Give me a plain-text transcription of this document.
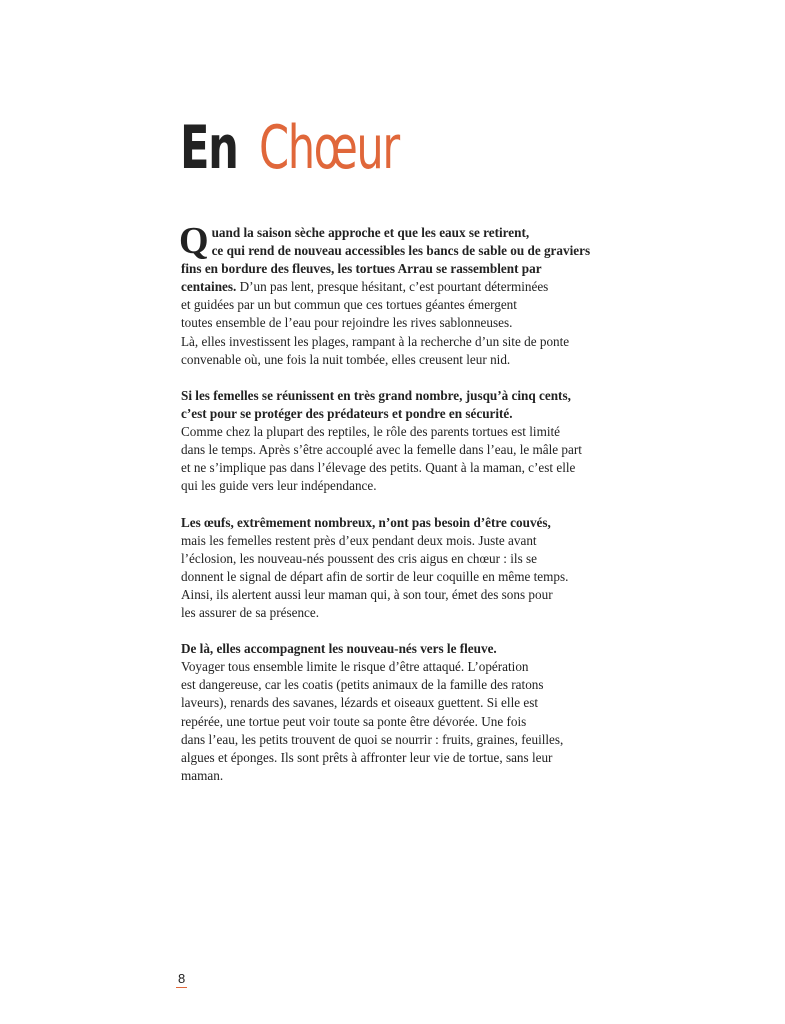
En Chœur
Q uand la saison sèche approche et que les eaux se retirent,
ce qui rend de nouveau accessibles les bancs de sable ou de graviers
fins en bordure des fleuves, les tortues Arrau se rassemblent par
centaines. D’un pas lent, presque hésitant, c’est pourtant déterminées
et guidées par un but commun que ces tortues géantes émergent
toutes ensemble de l’eau pour rejoindre les rives sablonneuses.
Là, elles investissent les plages, rampant à la recherche d’un site de ponte
convenable où, une fois la nuit tombée, elles creusent leur nid.
Si les femelles se réunissent en très grand nombre, jusqu’à cinq cents,
c’est pour se protéger des prédateurs et pondre en sécurité.
Comme chez la plupart des reptiles, le rôle des parents tortues est limité
dans le temps. Après s’être accouplé avec la femelle dans l’eau, le mâle part
et ne s’implique pas dans l’élevage des petits. Quant à la maman, c’est elle
qui les guide vers leur indépendance.
Les œufs, extrêmement nombreux, n’ont pas besoin d’être couvés,
mais les femelles restent près d’eux pendant deux mois. Juste avant
l’éclosion, les nouveau-nés poussent des cris aigus en chœur : ils se
donnent le signal de départ afin de sortir de leur coquille en même temps.
Ainsi, ils alertent aussi leur maman qui, à son tour, émet des sons pour
les assurer de sa présence.
De là, elles accompagnent les nouveau-nés vers le fleuve.
Voyager tous ensemble limite le risque d’être attaqué. L’opération
est dangereuse, car les coatis (petits animaux de la famille des ratons
laveurs), renards des savanes, lézards et oiseaux guettent. Si elle est
repérée, une tortue peut voir toute sa ponte être dévorée. Une fois
dans l’eau, les petits trouvent de quoi se nourrir : fruits, graines, feuilles,
algues et éponges. Ils sont prêts à affronter leur vie de tortue, sans leur
maman.
8
